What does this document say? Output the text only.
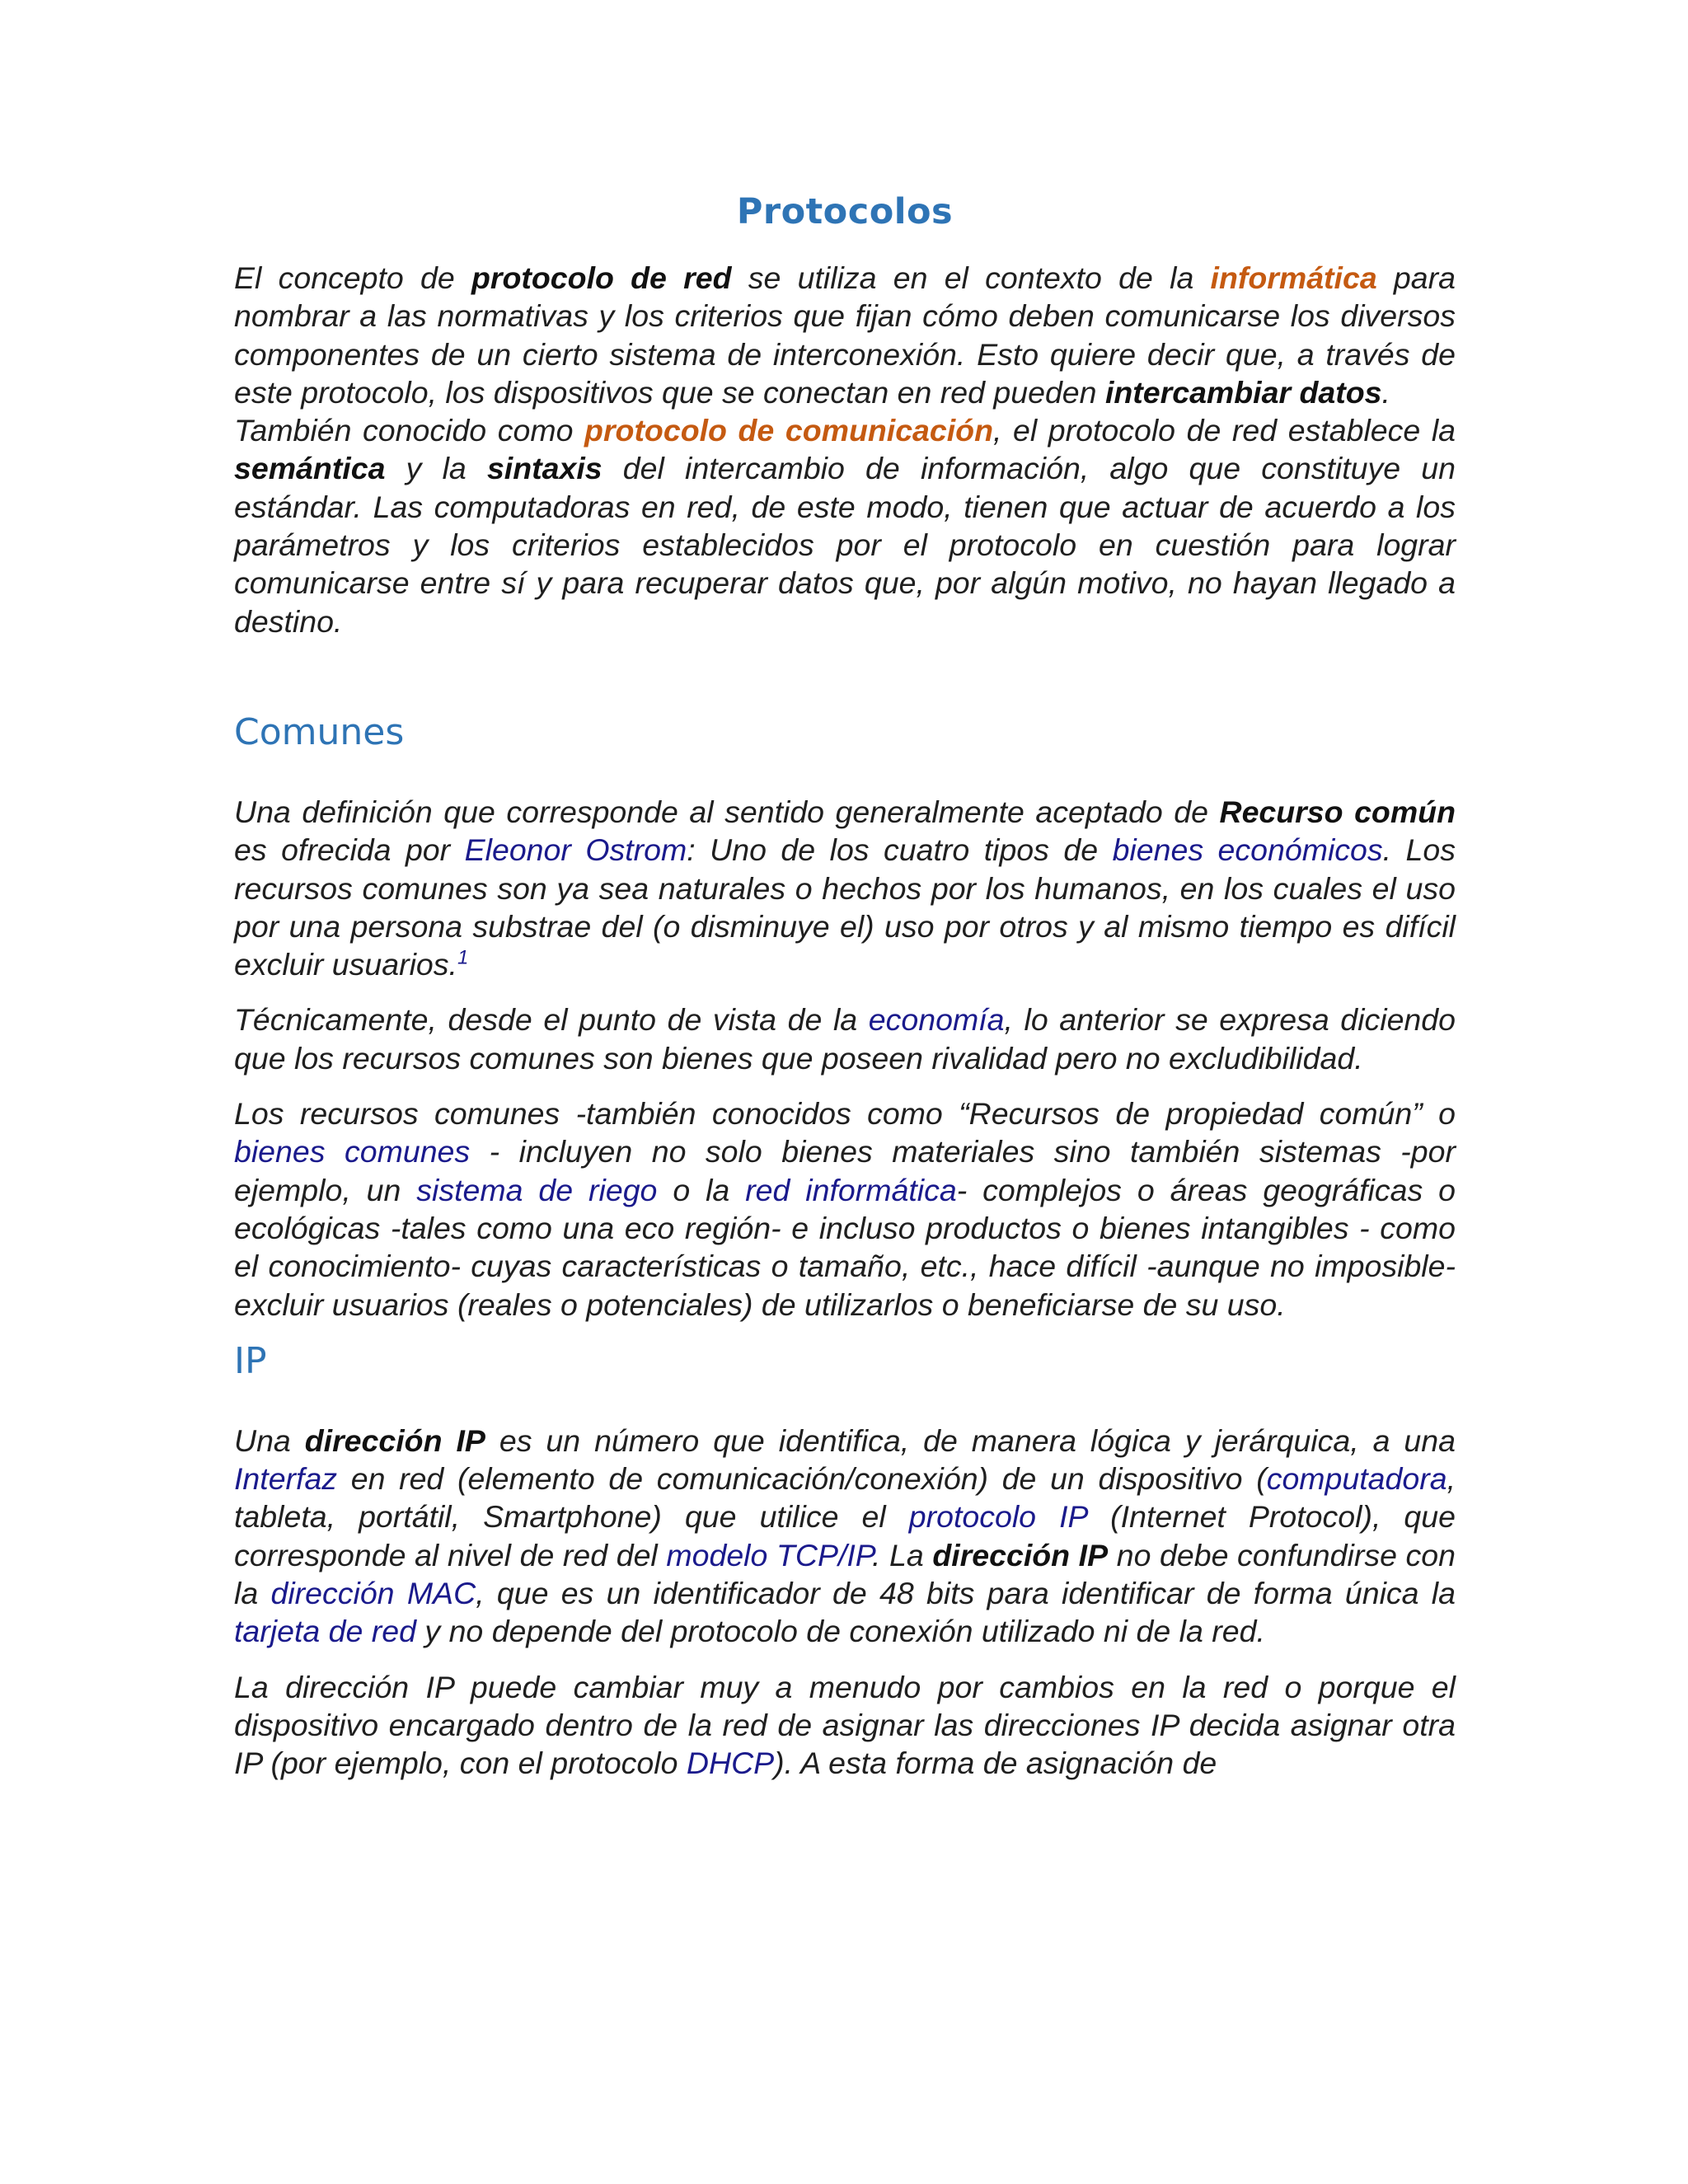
Protocolos

El concepto de protocolo de red se utiliza en el contexto de la informática para nombrar a las normativas y los criterios que fijan cómo deben comunicarse los diversos componentes de un cierto sistema de interconexión. Esto quiere decir que, a través de este protocolo, los dispositivos que se conectan en red pueden intercambiar datos.

También conocido como protocolo de comunicación, el protocolo de red establece la semántica y la sintaxis del intercambio de información, algo que constituye un estándar. Las computadoras en red, de este modo, tienen que actuar de acuerdo a los parámetros y los criterios establecidos por el protocolo en cuestión para lograr comunicarse entre sí y para recuperar datos que, por algún motivo, no hayan llegado a destino.

Comunes

Una definición que corresponde al sentido generalmente aceptado de Recurso común es ofrecida por Eleonor Ostrom: Uno de los cuatro tipos de bienes económicos. Los recursos comunes son ya sea naturales o hechos por los humanos, en los cuales el uso por una persona substrae del (o disminuye el) uso por otros y al mismo tiempo es difícil excluir usuarios.$^1$

Técnicamente, desde el punto de vista de la economía, lo anterior se expresa diciendo que los recursos comunes son bienes que poseen rivalidad pero no excludibilidad.

Los recursos comunes -también conocidos como “Recursos de propiedad común” o bienes comunes - incluyen no solo bienes materiales sino también sistemas -por ejemplo, un sistema de riego o la red informática- complejos o áreas geográficas o ecológicas -tales como una eco región- e incluso productos o bienes intangibles - como el conocimiento- cuyas características o tamaño, etc., hace difícil -aunque no imposible- excluir usuarios (reales o potenciales) de utilizarlos o beneficiarse de su uso.

IP

Una dirección IP es un número que identifica, de manera lógica y jerárquica, a una Interfaz en red (elemento de comunicación/conexión) de un dispositivo (computadora, tableta, portátil, Smartphone) que utilice el protocolo IP (Internet Protocol), que corresponde al nivel de red del modelo TCP/IP. La dirección IP no debe confundirse con la dirección MAC, que es un identificador de 48 bits para identificar de forma única la tarjeta de red y no depende del protocolo de conexión utilizado ni de la red.

La dirección IP puede cambiar muy a menudo por cambios en la red o porque el dispositivo encargado dentro de la red de asignar las direcciones IP decida asignar otra IP (por ejemplo, con el protocolo DHCP). A esta forma de asignación de
